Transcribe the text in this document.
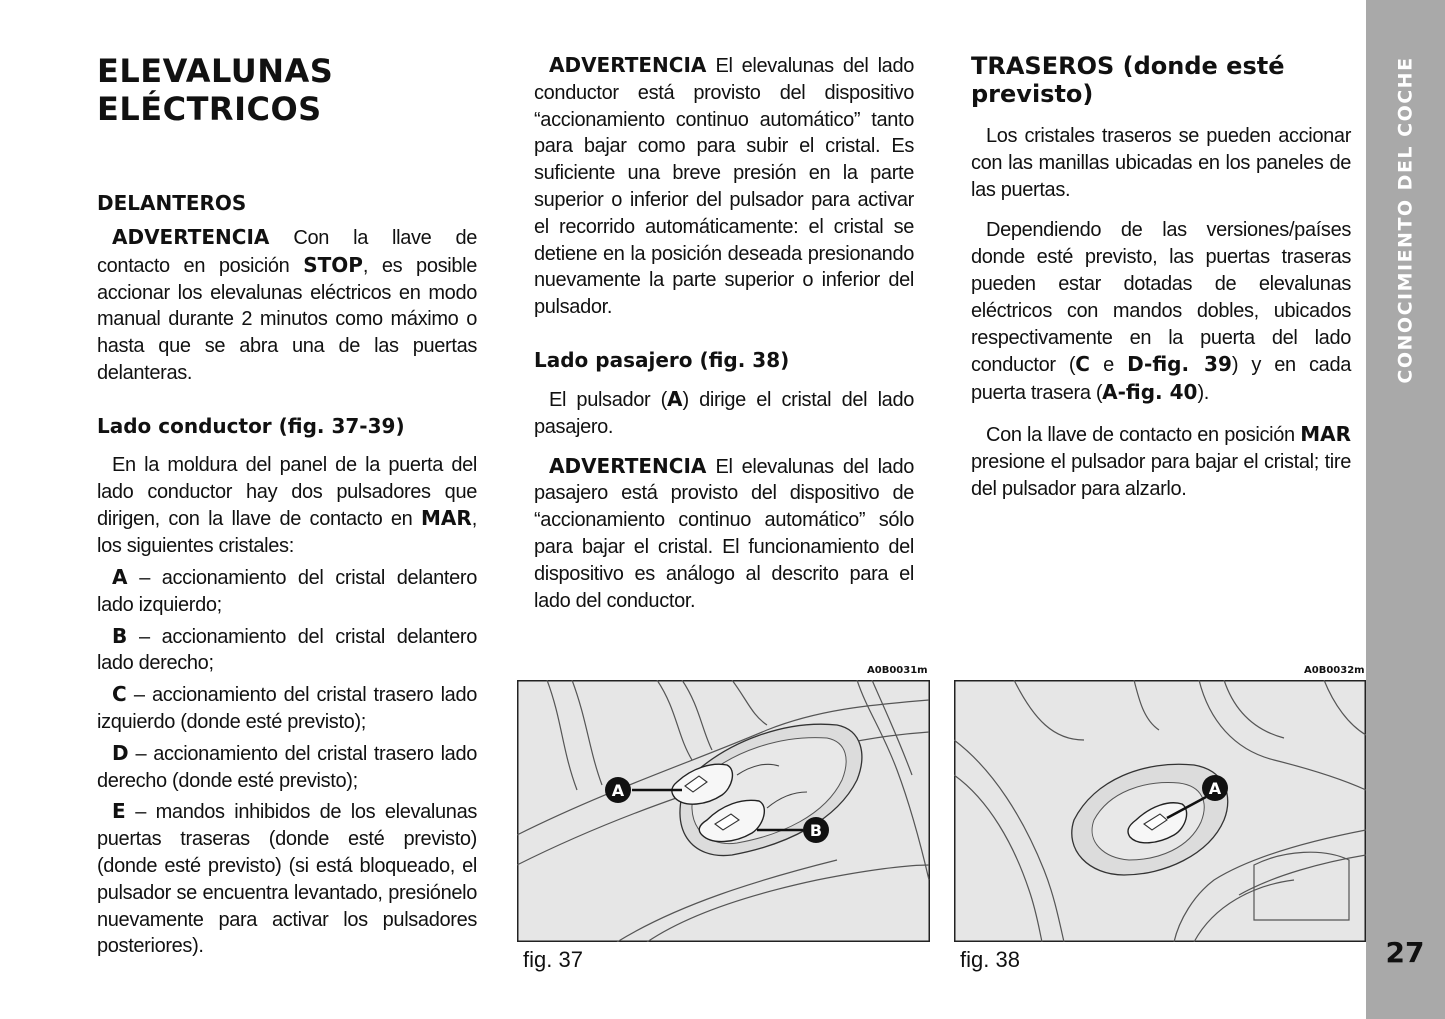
ELEVALUNAS
ELÉCTRICOS
DELANTEROS

ADVERTENCIA Con la llave de contacto en posición STOP, es posible accionar los elevalunas eléctricos en modo manual durante 2 minutos como máximo o hasta que se abra una de las puertas delanteras.

Lado conductor (fig. 37-39)

En la moldura del panel de la puerta del lado conductor hay dos pulsadores que dirigen, con la llave de contacto en MAR, los siguientes cristales:

A – accionamiento del cristal delantero lado izquierdo;

B – accionamiento del cristal delantero lado derecho;

C – accionamiento del cristal trasero lado izquierdo (donde esté previsto);

D – accionamiento del cristal trasero lado derecho (donde esté previsto);

E – mandos inhibidos de los elevalunas puertas traseras (donde esté previsto) (donde esté previsto) (si está bloqueado, el pulsador se encuentra levantado, presiónelo nuevamente para activar los pulsadores posteriores).

ADVERTENCIA El elevalunas del lado conductor está provisto del dispositivo “accionamiento continuo automático” tanto para bajar como para subir el cristal. Es suficiente una breve presión en la parte superior o inferior del pulsador para activar el recorrido automáticamente: el cristal se detiene en la posición deseada presionando nuevamente la parte superior o inferior del pulsador.

Lado pasajero (fig. 38)

El pulsador (A) dirige el cristal del lado pasajero.

ADVERTENCIA El elevalunas del lado pasajero está provisto del dispositivo de “accionamiento continuo automático” sólo para bajar el cristal. El funcionamiento del dispositivo es análogo al descrito para el lado del conductor.

TRASEROS (donde esté previsto)

Los cristales traseros se pueden accionar con las manillas ubicadas en los paneles de las puertas.

Dependiendo de las versiones/países donde esté previsto, las puertas traseras pueden estar dotadas de elevalunas eléctricos con mandos dobles, ubicados respectivamente en la puerta del lado conductor (C e D-fig. 39) y en cada puerta trasera (A-fig. 40).

Con la llave de contacto en posición MAR presione el pulsador para bajar el cristal; tire del pulsador para alzarlo.

A0B0031m
A
B
fig. 37
A0B0032m
A
fig. 38
CONOCIMIENTO DEL COCHE
27
